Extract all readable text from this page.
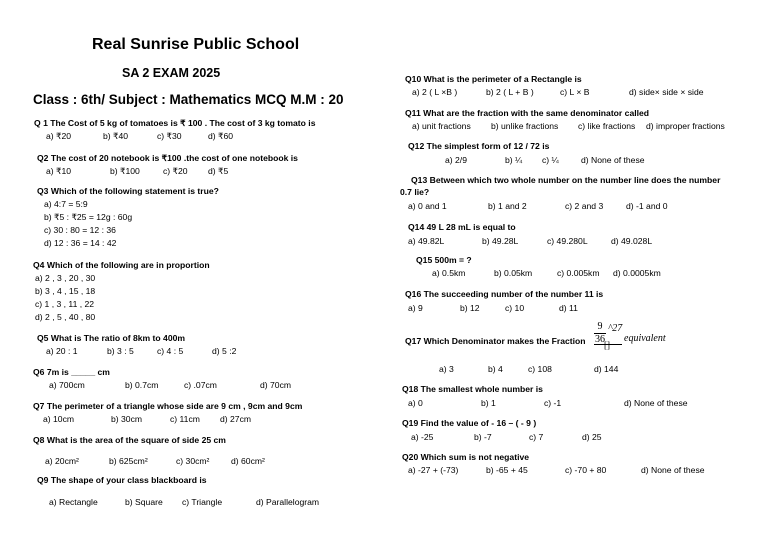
Real Sunrise Public School
SA 2 EXAM 2025
Class : 6th/ Subject : Mathematics MCQ M.M : 20
Q 1 The Cost of 5 kg of tomatoes is ₹ 100 . The cost of 3 kg tomato is
a) ₹20	b) ₹40	c) ₹30	d) ₹60
Q2 The cost of 20 notebook is ₹100 .the cost of one notebook is
a) ₹10	b) ₹100	c) ₹20 d) ₹5
Q3 Which of the following statement is true?
a) 4:7 = 5:9
b) ₹5 : ₹25 = 12g : 60g
c) 30 : 80 = 12 : 36
d) 12 : 36 = 14 : 42
Q4 Which of the following are in proportion
a) 2 , 3 , 20 , 30
b) 3 , 4 , 15 , 18
c) 1 , 3 , 11 , 22
d) 2 , 5 , 40 , 80
Q5 What is The ratio of 8km to 400m
a) 20 : 1	b) 3 : 5	c) 4 : 5	d) 5 :2
Q6 7m is _____ cm
a) 700cm	b) 0.7cm	c) .07cm	d) 70cm
Q7 The perimeter of a triangle whose side are 9 cm , 9cm and 9cm
a) 10cm	b) 30cm	c) 11cm d) 27cm
Q8 What is the area of the square of side 25 cm
a) 20cm²	b) 625cm²	c) 30cm²	d) 60cm²
Q9 The shape of your class blackboard is
a) Rectangle	b) Square c) Triangle	d) Parallelogram
Q10 What is the perimeter of a Rectangle is
a) 2 ( L ×B )	b) 2 ( L + B )	c) L × B	d) side× side × side
Q11 What are the fraction with the same denominator called
a) unit fractions b) unlike fractions c) like fractions d) improper fractions
Q12 The simplest form of 12 / 72 is
a) 2/9	b) ¼ c) ¼	d) None of these
Q13 Between which two whole number on the number line does the number
0.7 lie?
a) 0 and 1	b) 1 and 2	c) 2 and 3	d) -1 and 0
Q14 49 L 28 mL is equal to
a) 49.82L	b) 49.28L	c) 49.280L	d) 49.028L
Q15 500m = ?
a) 0.5km	b) 0.05km	c) 0.005km d) 0.0005km
Q16 The succeeding number of the number 11 is
a) 9	b) 12	c) 10	d) 11
Q17 Which Denominator makes the Fraction
9
36
^27
[]
equivalent
a) 3	b) 4	c) 108	d) 144
Q18 The smallest whole number is
a) 0	b) 1	c) -1	d) None of these
Q19 Find the value of - 16 – ( - 9 )
a) -25	b) -7	c) 7	d) 25
Q20 Which sum is not negative
a) -27 + (-73)	b) -65 + 45	c) -70 + 80	d) None of these
